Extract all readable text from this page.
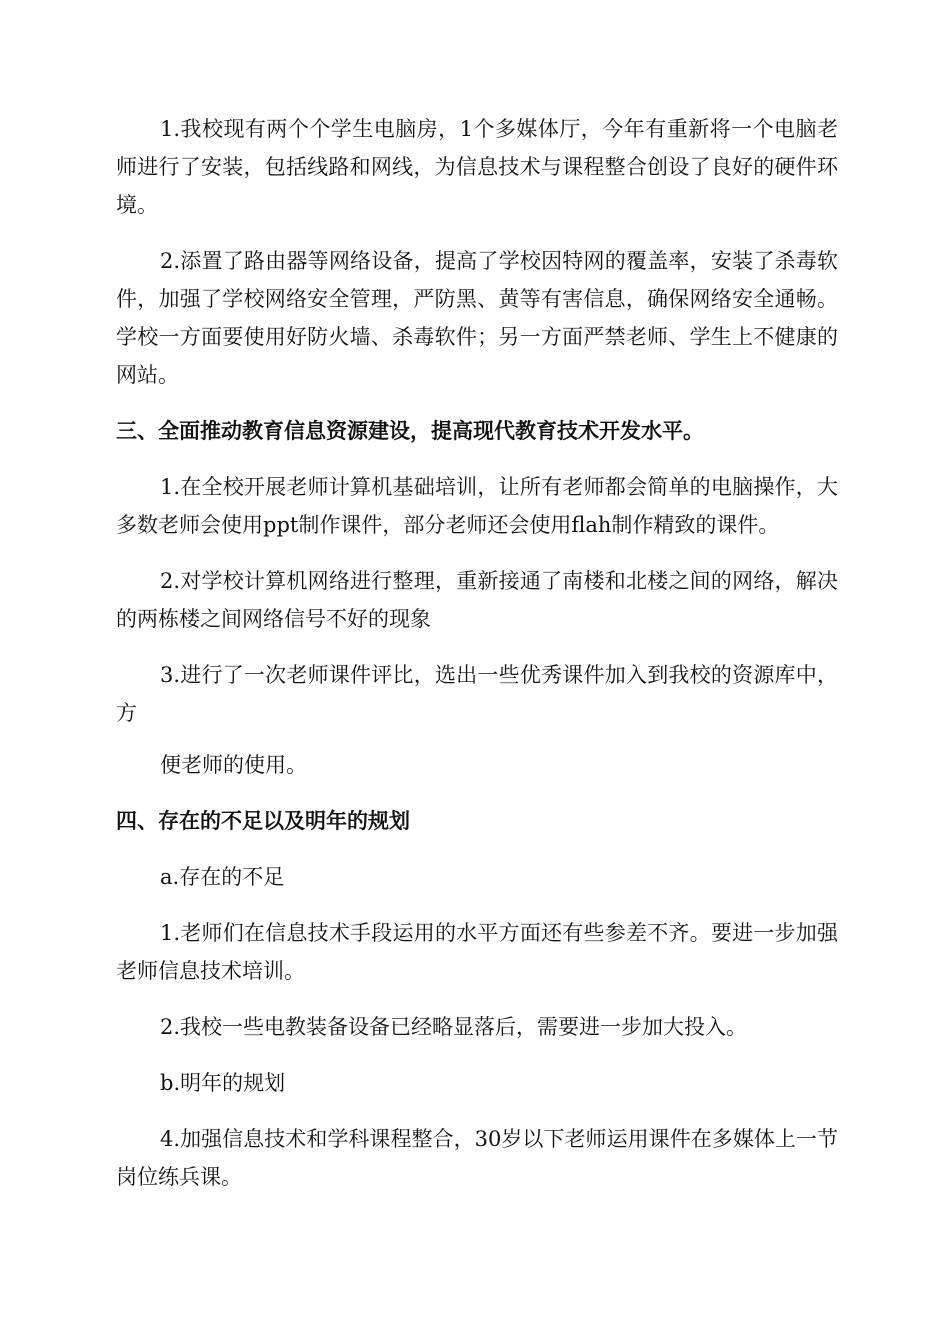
1.我校现有两个个学生电脑房，1个多媒体厅，今年有重新将一个电脑老师进行了安装，包括线路和网线，为信息技术与课程整合创设了良好的硬件环境。

2.添置了路由器等网络设备，提高了学校因特网的覆盖率，安装了杀毒软件，加强了学校网络安全管理，严防黑、黄等有害信息，确保网络安全通畅。学校一方面要使用好防火墙、杀毒软件；另一方面严禁老师、学生上不健康的网站。

三、全面推动教育信息资源建设，提高现代教育技术开发水平。

1.在全校开展老师计算机基础培训，让所有老师都会简单的电脑操作，大多数老师会使用ppt制作课件，部分老师还会使用flah制作精致的课件。

2.对学校计算机网络进行整理，重新接通了南楼和北楼之间的网络，解决的两栋楼之间网络信号不好的现象

3.进行了一次老师课件评比，选出一些优秀课件加入到我校的资源库中，方

便老师的使用。

四、存在的不足以及明年的规划

a.存在的不足

1.老师们在信息技术手段运用的水平方面还有些参差不齐。要进一步加强老师信息技术培训。

2.我校一些电教装备设备已经略显落后，需要进一步加大投入。

b.明年的规划

4.加强信息技术和学科课程整合，30岁以下老师运用课件在多媒体上一节岗位练兵课。
